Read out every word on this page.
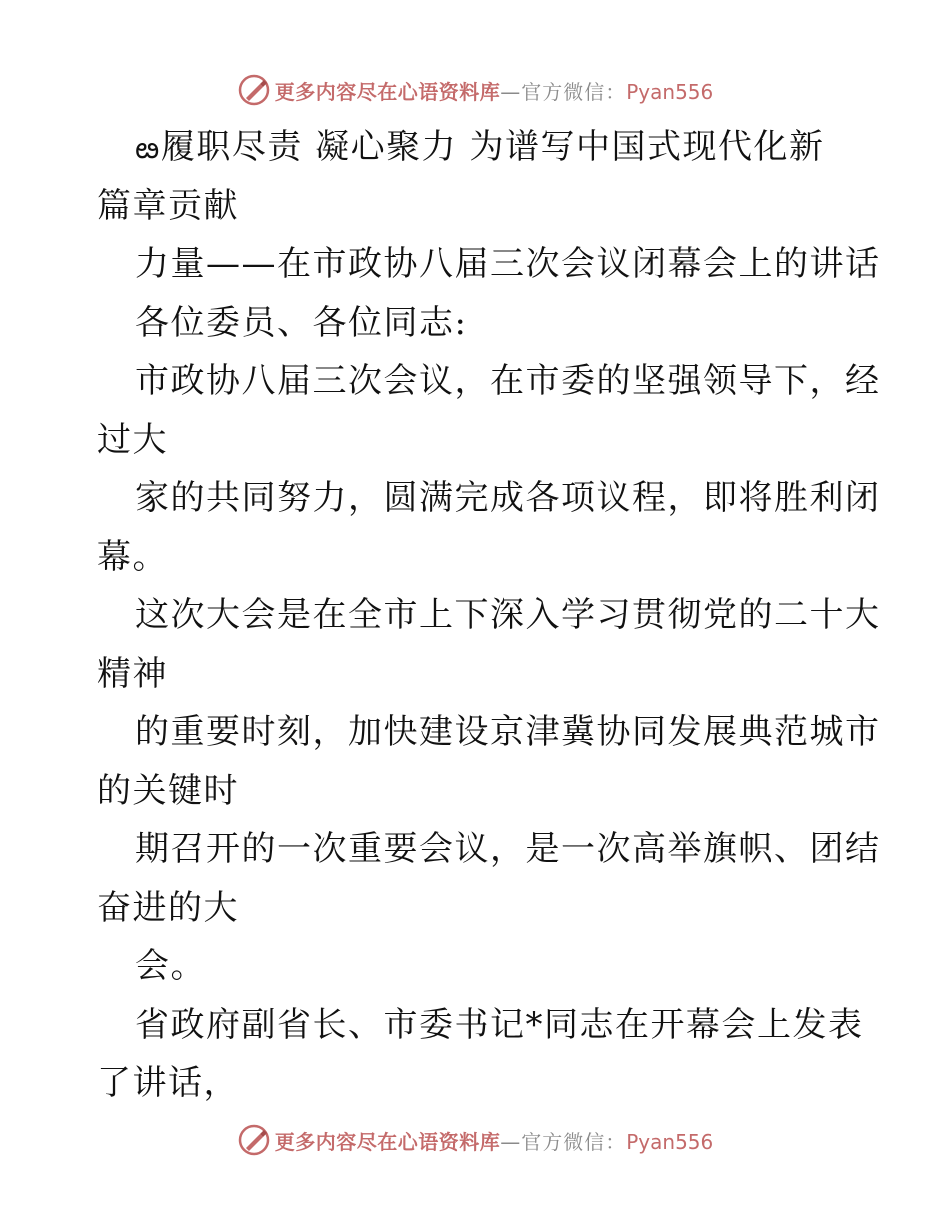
更多内容尽在心语资料库 —官方微信：Pyan556
ఴ履职尽责 凝心聚力 为谱写中国式现代化新
篇章贡献
力量——在市政协八届三次会议闭幕会上的讲话
各位委员、各位同志:
市政协八届三次会议，在市委的坚强领导下，经
过大
家的共同努力，圆满完成各项议程，即将胜利闭
幕。
这次大会是在全市上下深入学习贯彻党的二十大
精神
的重要时刻，加快建设京津冀协同发展典范城市
的关键时
期召开的一次重要会议，是一次高举旗帜、团结
奋进的大
会。
省政府副省长、市委书记*同志在开幕会上发表
了讲话，
更多内容尽在心语资料库 —官方微信：Pyan556
